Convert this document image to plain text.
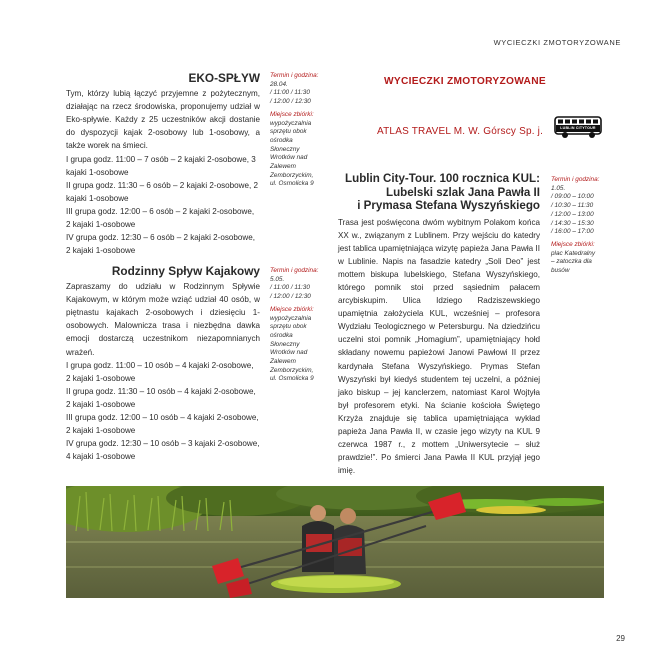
WYCIECZKI ZMOTORYZOWANE
EKO-SPŁYW

Tym, którzy lubią łączyć przyjemne z pożytecznym, działając na rzecz środowiska, proponujemy udział w Eko-spływie. Każdy z 25 uczestników akcji dostanie do dyspozycji kajak 2-osobowy lub 1-osobowy, a także worek na śmieci.

I grupa godz. 11:00 – 7 osób – 2 kajaki 2-osobowe, 3 kajaki 1-osobowe
II grupa godz. 11:30 – 6 osób – 2 kajaki 2-osobowe, 2 kajaki 1-osobowe
III grupa godz. 12:00 – 6 osób – 2 kajaki 2-osobowe, 2 kajaki 1-osobowe
IV grupa godz. 12:30 – 6 osób – 2 kajaki 2-osobowe, 2 kajaki 1-osobowe
Termin i godzina:
28.04.
/ 11:00 / 11:30
/ 12:00 / 12:30
Miejsce zbiórki:
wypożyczalnia
sprzętu obok
ośrodka
Słoneczny
Wrotków nad
Zalewem
Zemborzyckim,
ul. Osmolicka 9
Rodzinny Spływ Kajakowy

Zapraszamy do udziału w Rodzinnym Spływie Kajakowym, w którym może wziąć udział 40 osób, w piętnastu kajakach 2-osobowych i dziesięciu 1-osobowych. Malownicza trasa i niezbędna dawka emocji dostarczą uczestnikom niezapomnianych wrażeń.

I grupa godz. 11:00 – 10 osób – 4 kajaki 2-osobowe, 2 kajaki 1-osobowe
II grupa godz. 11:30 – 10 osób – 4 kajaki 2-osobowe, 2 kajaki 1-osobowe
III grupa godz. 12:00 – 10 osób – 4 kajaki 2-osobowe, 2 kajaki 1-osobowe
IV grupa godz. 12:30 – 10 osób – 3 kajaki 2-osobowe, 4 kajaki 1-osobowe
Termin i godzina:
5.05.
/ 11:00 / 11:30
/ 12:00 / 12:30
Miejsce zbiórki:
wypożyczalnia
sprzętu obok
ośrodka
Słoneczny
Wrotków nad
Zalewem
Zemborzyckim,
ul. Osmolicka 9
WYCIECZKI ZMOTORYZOWANE
ATLAS TRAVEL M. W. Górscy Sp. j.	LUBLIN CITYTOUR
Lublin City-Tour. 100 rocznica KUL:
Lubelski szlak Jana Pawła II
i Prymasa Stefana Wyszyńskiego

Trasa jest poświęcona dwóm wybitnym Polakom końca XX w., związanym z Lublinem. Przy wejściu do katedry jest tablica upamiętniająca wizytę papieża Jana Pawła II w Lublinie. Napis na fasadzie katedry „Soli Deo” jest mottem biskupa lubelskiego, Stefana Wyszyńskiego, którego pomnik stoi przed sąsiednim pałacem arcybiskupim. Ulica Idziego Radziszewskiego upamiętnia założyciela KUL, wcześniej – profesora Wydziału Teologicznego w Petersburgu. Na dziedzińcu uczelni stoi pomnik „Homagium”, upamiętniający hołd składany nowemu papieżowi Janowi Pawłowi II przez kardynała Stefana Wyszyńskiego. Prymas Stefan Wyszyński był kiedyś studentem tej uczelni, a później jako biskup – jej kanclerzem, natomiast Karol Wojtyła był profesorem etyki. Na ścianie kościoła Świętego Krzyża znajduje się tablica upamiętniająca wykład papieża Jana Pawła II, w czasie jego wizyty na KUL 9 czerwca 1987 r., z mottem „Uniwersytecie – służ prawdzie!”. Po śmierci Jana Pawła II KUL przyjął jego imię.

Termin i godzina:
1.05.
/ 09:00 – 10:00
/ 10:30 – 11:30
/ 12:00 – 13:00
/ 14:30 – 15:30
/ 16:00 – 17:00
Miejsce zbiórki:
plac Katedralny
– zatoczka dla
busów
29
